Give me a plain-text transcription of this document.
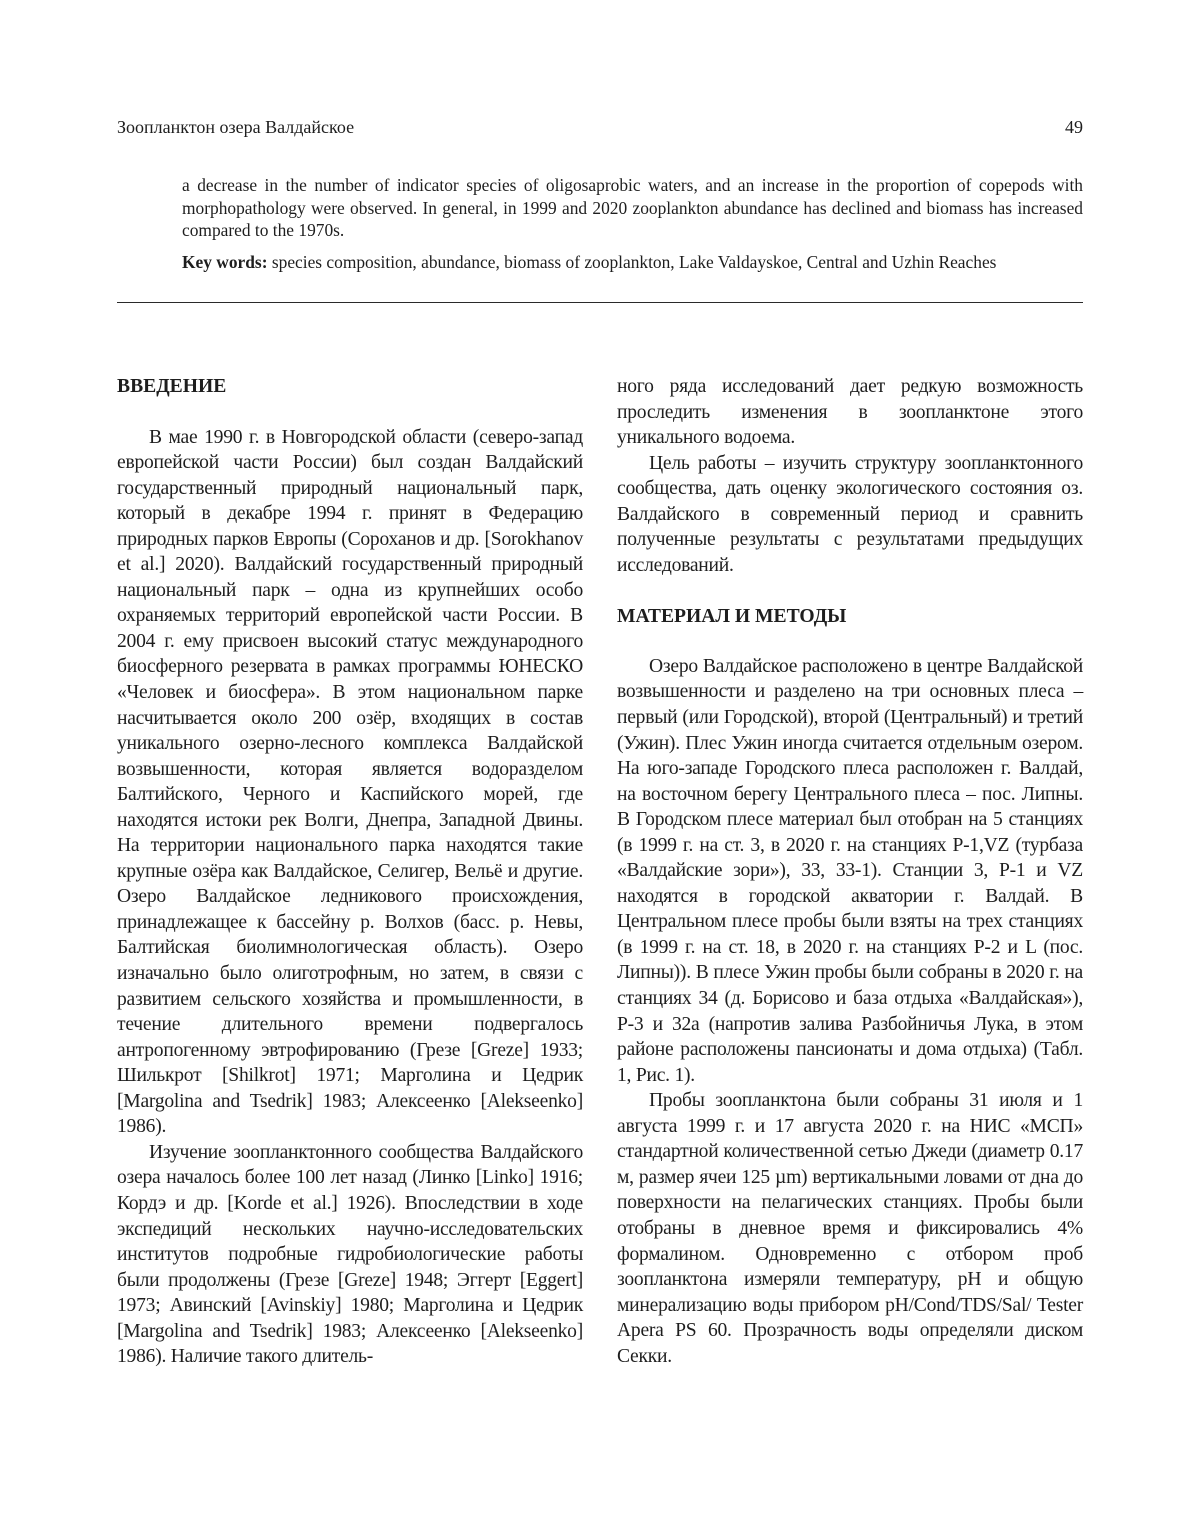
Зоопланктон озера Валдайское	49

a decrease in the number of indicator species of oligosaprobic waters, and an increase in the proportion of copepods with morphopathology were observed. In general, in 1999 and 2020 zooplankton abundance has declined and biomass has increased compared to the 1970s.

Key words: species composition, abundance, biomass of zooplankton, Lake Valdayskoe, Central and Uzhin Reaches

ВВЕДЕНИЕ

В мае 1990 г. в Новгородской области (северо-запад европейской части России) был создан Валдайский государственный природный национальный парк, который в декабре 1994 г. принят в Федерацию природных парков Европы (Сороханов и др. [Sorokhanov et al.] 2020). Валдайский государственный природный национальный парк – одна из крупнейших особо охраняемых территорий европейской части России. В 2004 г. ему присвоен высокий статус международного биосферного резервата в рамках программы ЮНЕСКО «Человек и биосфера». В этом национальном парке насчитывается около 200 озёр, входящих в состав уникального озерно-лесного комплекса Валдайской возвышенности, которая является водоразделом Балтийского, Черного и Каспийского морей, где находятся истоки рек Волги, Днепра, Западной Двины. На территории национального парка находятся такие крупные озёра как Валдайское, Селигер, Вельё и другие. Озеро Валдайское ледникового происхождения, принадлежащее к бассейну р. Волхов (басс. р. Невы, Балтийская биолимнологическая область). Озеро изначально было олиготрофным, но затем, в связи с развитием сельского хозяйства и промышленности, в течение длительного времени подвергалось антропогенному эвтрофированию (Грезе [Greze] 1933; Шилькрот [Shilkrot] 1971; Марголина и Цедрик [Margolina and Tsedrik] 1983; Алексеенко [Alekseenko] 1986).

Изучение зоопланктонного сообщества Валдайского озера началось более 100 лет назад (Линко [Linko] 1916; Кордэ и др. [Korde et al.] 1926). Впоследствии в ходе экспедиций нескольких научно-исследовательских институтов подробные гидробиологические работы были продолжены (Грезе [Greze] 1948; Эггерт [Eggert] 1973; Авинский [Avinskiy] 1980; Марголина и Цедрик [Margolina and Tsedrik] 1983; Алексеенко [Alekseenko] 1986). Наличие такого длитель-

ного ряда исследований дает редкую возможность проследить изменения в зоопланктоне этого уникального водоема.

Цель работы – изучить структуру зоопланктонного сообщества, дать оценку экологического состояния оз. Валдайского в современный период и сравнить полученные результаты с результатами предыдущих исследований.

МАТЕРИАЛ И МЕТОДЫ

Озеро Валдайское расположено в центре Валдайской возвышенности и разделено на три основных плеса – первый (или Городской), второй (Центральный) и третий (Ужин). Плес Ужин иногда считается отдельным озером. На юго-западе Городского плеса расположен г. Валдай, на восточном берегу Центрального плеса – пос. Липны. В Городском плесе материал был отобран на 5 станциях (в 1999 г. на ст. 3, в 2020 г. на станциях Р-1,VZ (турбаза «Валдайские зори»), 33, 33-1). Станции 3, Р-1 и VZ находятся в городской акватории г. Валдай. В Центральном плесе пробы были взяты на трех станциях (в 1999 г. на ст. 18, в 2020 г. на станциях Р-2 и L (пос. Липны)). В плесе Ужин пробы были собраны в 2020 г. на станциях 34 (д. Борисово и база отдыха «Валдайская»), Р-3 и 32а (напротив залива Разбойничья Лука, в этом районе расположены пансионаты и дома отдыха) (Табл. 1, Рис. 1).

Пробы зоопланктона были собраны 31 июля и 1 августа 1999 г. и 17 августа 2020 г. на НИС «МСП» стандартной количественной сетью Джеди (диаметр 0.17 м, размер ячеи 125 µm) вертикальными ловами от дна до поверхности на пелагических станциях. Пробы были отобраны в дневное время и фиксировались 4% формалином. Одновременно с отбором проб зоопланктона измеряли температуру, pH и общую минерализацию воды прибором pH/Cond/TDS/Sal/ Tester Apera PS 60. Прозрачность воды определяли диском Секки.
